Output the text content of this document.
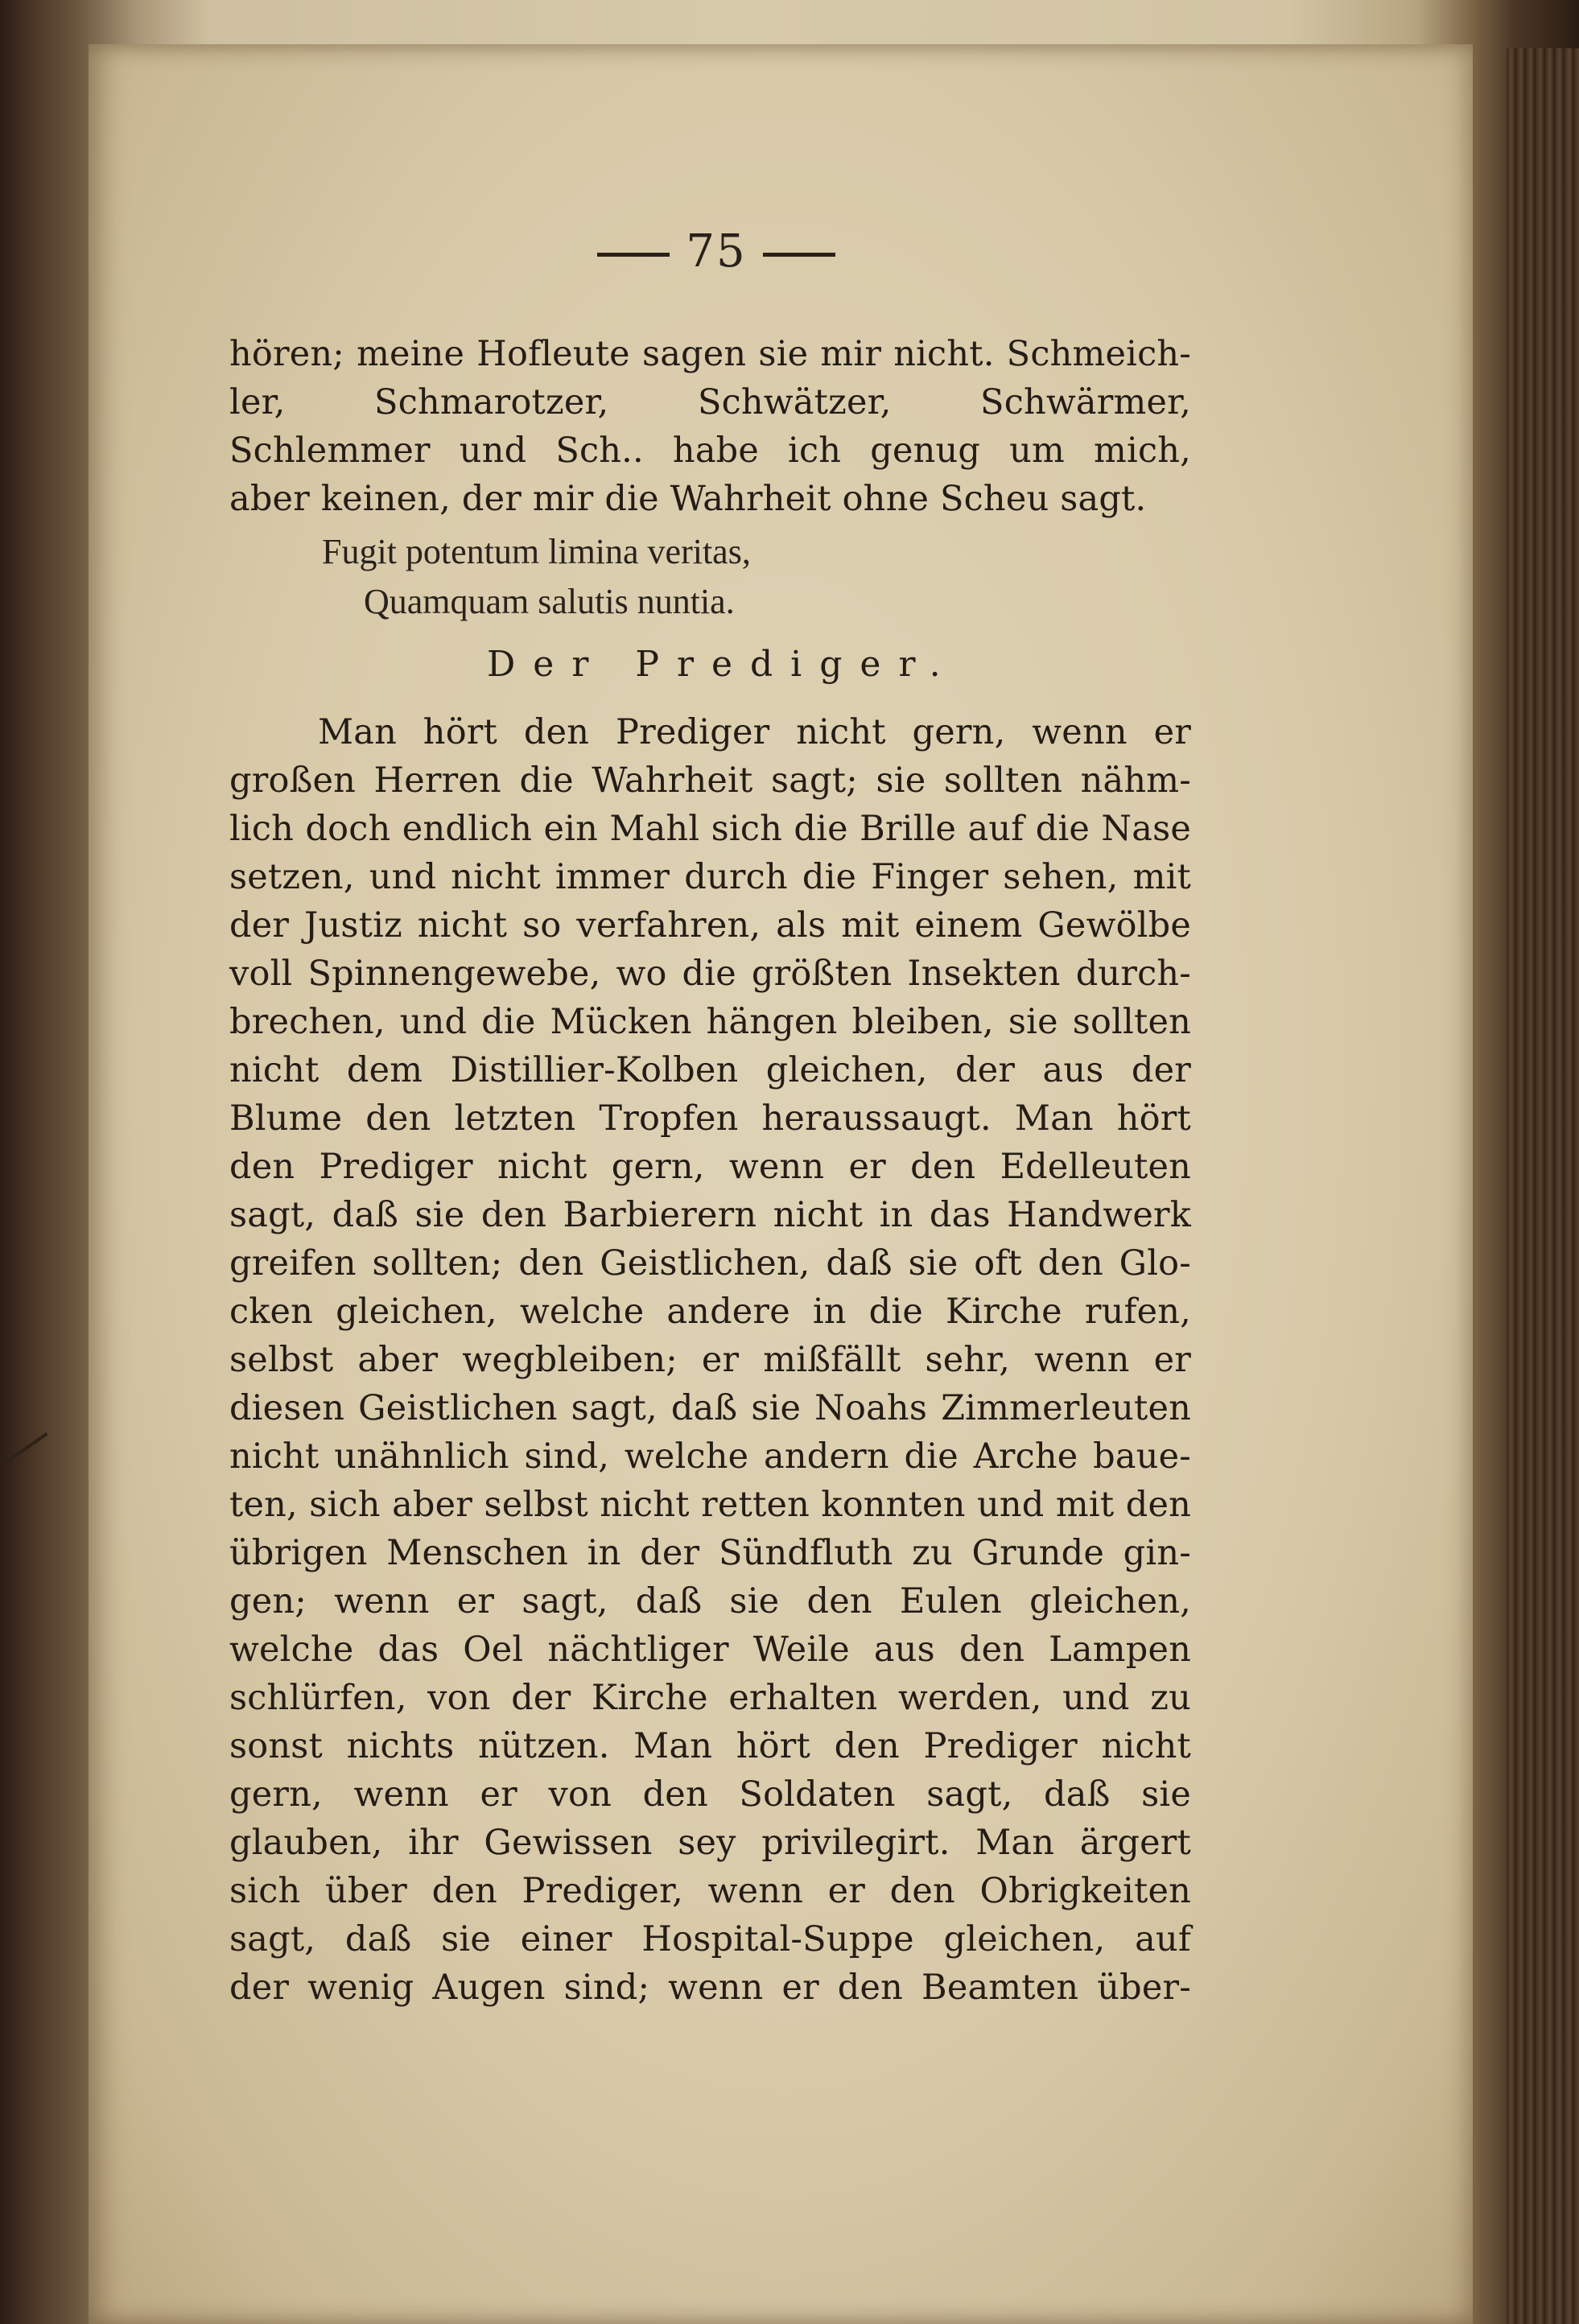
75
hören; meine Hofleute sagen sie mir nicht. Schmeich-
ler, Schmarotzer, Schwätzer, Schwärmer,
Schlemmer und Sch.. habe ich genug um mich,
aber keinen, der mir die Wahrheit ohne Scheu sagt.
Fugit potentum limina veritas,
Quamquam salutis nuntia.
Der Prediger.
Man hört den Prediger nicht gern, wenn er
großen Herren die Wahrheit sagt; sie sollten nähm-
lich doch endlich ein Mahl sich die Brille auf die Nase
setzen, und nicht immer durch die Finger sehen, mit
der Justiz nicht so verfahren, als mit einem Gewölbe
voll Spinnengewebe, wo die größten Insekten durch-
brechen, und die Mücken hängen bleiben, sie sollten
nicht dem Distillier-Kolben gleichen, der aus der
Blume den letzten Tropfen heraussaugt. Man hört
den Prediger nicht gern, wenn er den Edelleuten
sagt, daß sie den Barbierern nicht in das Handwerk
greifen sollten; den Geistlichen, daß sie oft den Glo-
cken gleichen, welche andere in die Kirche rufen,
selbst aber wegbleiben; er mißfällt sehr, wenn er
diesen Geistlichen sagt, daß sie Noahs Zimmerleuten
nicht unähnlich sind, welche andern die Arche baue-
ten, sich aber selbst nicht retten konnten und mit den
übrigen Menschen in der Sündfluth zu Grunde gin-
gen; wenn er sagt, daß sie den Eulen gleichen,
welche das Oel nächtliger Weile aus den Lampen
schlürfen, von der Kirche erhalten werden, und zu
sonst nichts nützen. Man hört den Prediger nicht
gern, wenn er von den Soldaten sagt, daß sie
glauben, ihr Gewissen sey privilegirt. Man ärgert
sich über den Prediger, wenn er den Obrigkeiten
sagt, daß sie einer Hospital-Suppe gleichen, auf
der wenig Augen sind; wenn er den Beamten über-
